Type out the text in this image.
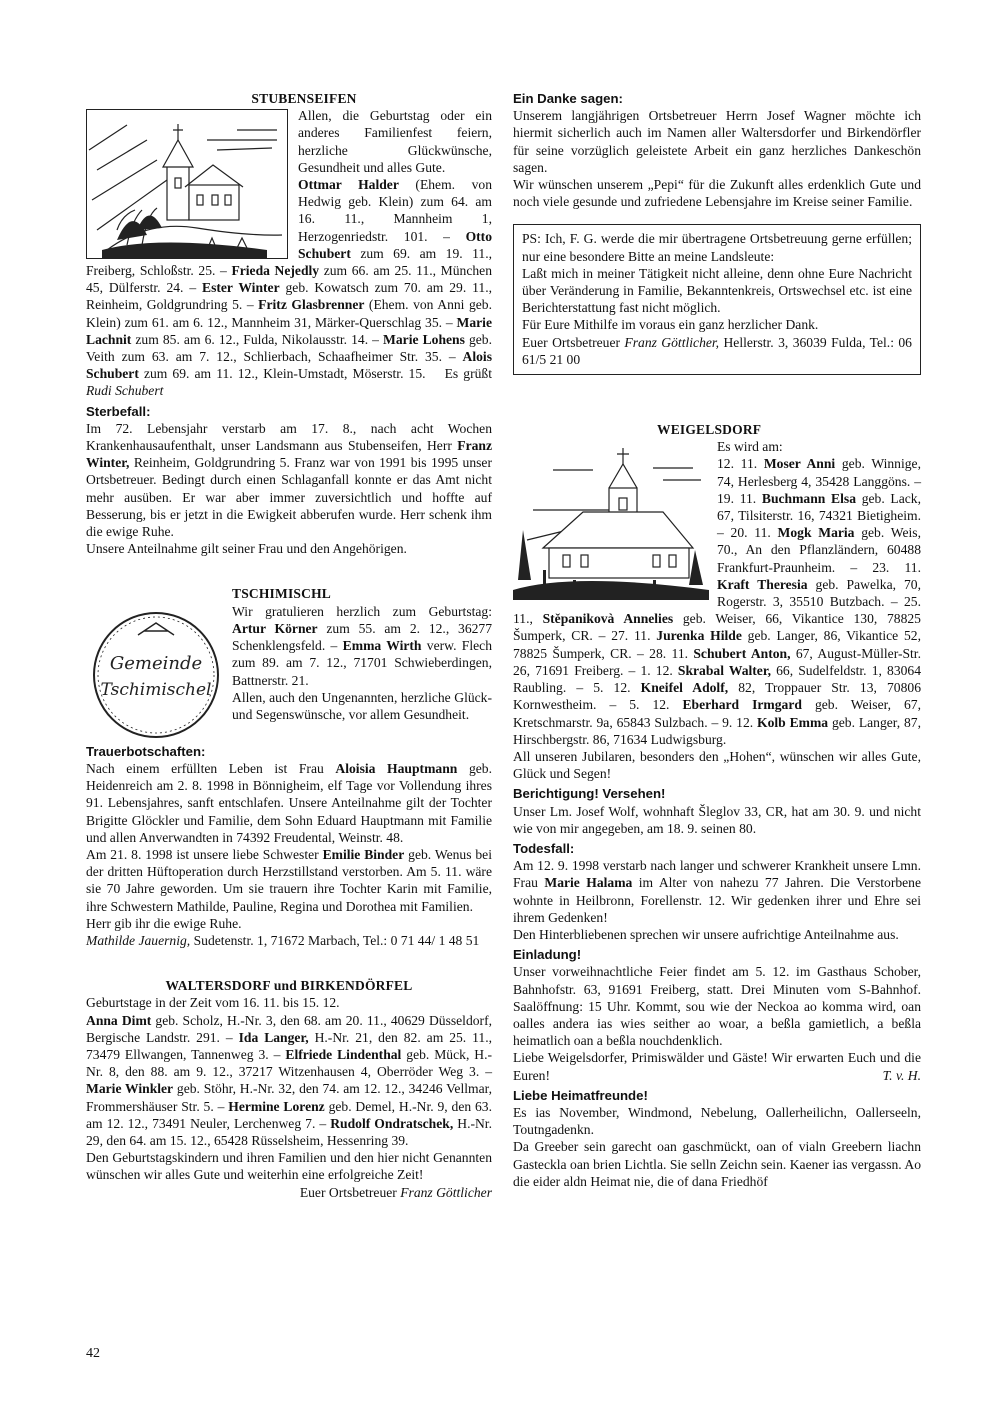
STUBENSEIFEN

Allen, die Geburtstag oder ein anderes Familienfest feiern, herzliche Glückwünsche, Gesundheit und alles Gute.
Ottmar Halder (Ehem. von Hedwig geb. Klein) zum 64. am 16. 11., Mannheim 1, Herzogenriedstr. 101. – Otto Schubert zum 69. am 19. 11., Freiberg, Schloßstr. 25. – Frieda Nejedly zum 66. am 25. 11., München 45, Dülferstr. 24. – Ester Winter geb. Kowatsch zum 70. am 29. 11., Reinheim, Goldgrundring 5. – Fritz Glasbrenner (Ehem. von Anni geb. Klein) zum 61. am 6. 12., Mannheim 31, Märker-Querschlag 35. – Marie Lachnit zum 85. am 6. 12., Fulda, Nikolausstr. 14. – Marie Lohens geb. Veith zum 63. am 7. 12., Schlierbach, Schaafheimer Str. 35. – Alois Schubert zum 69. am 11. 12., Klein-Umstadt, Möserstr. 15. Es grüßt Rudi Schubert

Sterbefall:

Im 72. Lebensjahr verstarb am 17. 8., nach acht Wochen Krankenhausaufenthalt, unser Landsmann aus Stubenseifen, Herr Franz Winter, Reinheim, Goldgrundring 5. Franz war von 1991 bis 1995 unser Ortsbetreuer. Bedingt durch einen Schlaganfall konnte er das Amt nicht mehr ausüben. Er war aber immer zuversichtlich und hoffte auf Besserung, bis er jetzt in die Ewigkeit abberufen wurde. Herr schenk ihm die ewige Ruhe.

Unsere Anteilnahme gilt seiner Frau und den Angehörigen.

TSCHIMISCHL

Gemeinde
Tschimischel

Wir gratulieren herzlich zum Geburtstag: Artur Körner zum 55. am 2. 12., 36277 Schenklengsfeld. – Emma Wirth verw. Flech zum 89. am 7. 12., 71701 Schwieberdingen, Battnerstr. 21.

Allen, auch den Ungenannten, herzliche Glück- und Segenswünsche, vor allem Gesundheit.

Trauerbotschaften:

Nach einem erfüllten Leben ist Frau Aloisia Hauptmann geb. Heidenreich am 2. 8. 1998 in Bönnigheim, elf Tage vor Vollendung ihres 91. Lebensjahres, sanft entschlafen. Unsere Anteilnahme gilt der Tochter Brigitte Glöckler und Familie, dem Sohn Eduard Hauptmann mit Familie und allen Anverwandten in 74392 Freudental, Weinstr. 48.

Am 21. 8. 1998 ist unsere liebe Schwester Emilie Binder geb. Wenus bei der dritten Hüftoperation durch Herzstillstand verstorben. Am 5. 11. wäre sie 70 Jahre geworden. Um sie trauern ihre Tochter Karin mit Familie, ihre Schwestern Mathilde, Pauline, Regina und Dorothea mit Familien.

Herr gib ihr die ewige Ruhe.

Mathilde Jauernig, Sudetenstr. 1, 71672 Marbach, Tel.: 0 71 44/ 1 48 51

WALTERSDORF und BIRKENDÖRFEL

Geburtstage in der Zeit vom 16. 11. bis 15. 12.

Anna Dimt geb. Scholz, H.-Nr. 3, den 68. am 20. 11., 40629 Düsseldorf, Bergische Landstr. 291. – Ida Langer, H.-Nr. 21, den 82. am 25. 11., 73479 Ellwangen, Tannenweg 3. – Elfriede Lindenthal geb. Mück, H.-Nr. 8, den 88. am 9. 12., 37217 Witzenhausen 4, Oberröder Weg 3. – Marie Winkler geb. Stöhr, H.-Nr. 32, den 74. am 12. 12., 34246 Vellmar, Frommershäuser Str. 5. – Hermine Lorenz geb. Demel, H.-Nr. 9, den 63. am 12. 12., 73491 Neuler, Lerchenweg 7. – Rudolf Ondratschek, H.-Nr. 29, den 64. am 15. 12., 65428 Rüsselsheim, Hessenring 39.

Den Geburtstagskindern und ihren Familien und den hier nicht Genannten wünschen wir alles Gute und weiterhin eine erfolgreiche Zeit!
Euer Ortsbetreuer Franz Göttlicher

Ein Danke sagen:

Unserem langjährigen Ortsbetreuer Herrn Josef Wagner möchte ich hiermit sicherlich auch im Namen aller Waltersdorfer und Birkendörfler für seine vorzüglich geleistete Arbeit ein ganz herzliches Dankeschön sagen.

Wir wünschen unserem „Pepi“ für die Zukunft alles erdenklich Gute und noch viele gesunde und zufriedene Lebensjahre im Kreise seiner Familie.

PS: Ich, F. G. werde die mir übertragene Ortsbetreuung gerne erfüllen; nur eine besondere Bitte an meine Landsleute:

Laßt mich in meiner Tätigkeit nicht alleine, denn ohne Eure Nachricht über Veränderung in Familie, Bekanntenkreis, Ortswechsel etc. ist eine Berichterstattung fast nicht möglich.

Für Eure Mithilfe im voraus ein ganz herzlicher Dank.

Euer Ortsbetreuer Franz Göttlicher, Hellerstr. 3, 36039 Fulda, Tel.: 06 61/5 21 00

WEIGELSDORF

Es wird am:

12. 11. Moser Anni geb. Winnige, 74, Herlesberg 4, 35428 Langgöns. – 19. 11. Buchmann Elsa geb. Lack, 67, Tilsiterstr. 16, 74321 Bietigheim. – 20. 11. Mogk Maria geb. Weis, 70., An den Pflanzländern, 60488 Frankfurt-Praunheim. – 23. 11. Kraft Theresia geb. Pawelka, 70, Rogerstr. 3, 35510 Butzbach. – 25. 11., Stěpanikovà Annelies geb. Weiser, 66, Vikantice 130, 78825 Šumperk, CR. – 27. 11. Jurenka Hilde geb. Langer, 86, Vikantice 52, 78825 Šumperk, CR. – 28. 11. Schubert Anton, 67, August-Müller-Str. 26, 71691 Freiberg. – 1. 12. Skrabal Walter, 66, Sudelfeldstr. 1, 83064 Raubling. – 5. 12. Kneifel Adolf, 82, Troppauer Str. 13, 70806 Kornwestheim. – 5. 12. Eberhard Irmgard geb. Weiser, 67, Kretschmarstr. 9a, 65843 Sulzbach. – 9. 12. Kolb Emma geb. Langer, 87, Hirschbergstr. 86, 71634 Ludwigsburg.

All unseren Jubilaren, besonders den „Hohen“, wünschen wir alles Gute, Glück und Segen!

Berichtigung! Versehen!

Unser Lm. Josef Wolf, wohnhaft Šleglov 33, CR, hat am 30. 9. und nicht wie von mir angegeben, am 18. 9. seinen 80.

Todesfall:

Am 12. 9. 1998 verstarb nach langer und schwerer Krankheit unsere Lmn. Frau Marie Halama im Alter von nahezu 77 Jahren. Die Verstorbene wohnte in Heilbronn, Forellenstr. 12. Wir gedenken ihrer und Ehre sei ihrem Gedenken!

Den Hinterbliebenen sprechen wir unsere aufrichtige Anteilnahme aus.

Einladung!

Unser vorweihnachtliche Feier findet am 5. 12. im Gasthaus Schober, Bahnhofstr. 63, 91691 Freiberg, statt. Drei Minuten vom S-Bahnhof. Saalöffnung: 15 Uhr. Kommt, sou wie der Neckoa ao komma wird, oan oalles andera ias wies seither ao woar, a beßla gamietlich, a beßla heimatlich oan a beßla nouchdenklich.

Liebe Weigelsdorfer, Primiswälder und Gäste! Wir erwarten Euch und die Euren!	T. v. H.

Liebe Heimatfreunde!

Es ias November, Windmond, Nebelung, Oallerheilichn, Oallerseeln, Toutngadenkn.

Da Greeber sein garecht oan gaschmückt, oan of vialn Greebern liachn Gasteckla oan brien Lichtla. Sie selln Zeichn sein. Kaener ias vergassn. Ao die eider aldn Heimat nie, die of dana Friedhöf

42
